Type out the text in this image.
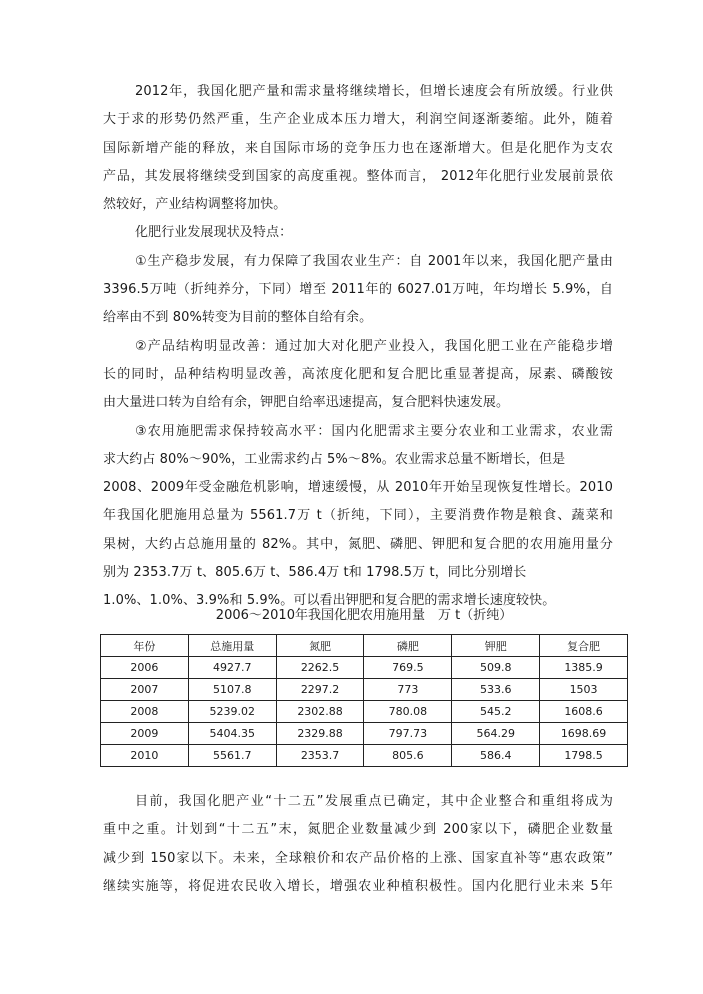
2012年，我国化肥产量和需求量将继续增长，但增长速度会有所放缓。行业供
大于求的形势仍然严重，生产企业成本压力增大，利润空间逐渐萎缩。此外，随着
国际新增产能的释放，来自国际市场的竞争压力也在逐渐增大。但是化肥作为支农
产品，其发展将继续受到国家的高度重视。整体而言， 2012年化肥行业发展前景依
然较好，产业结构调整将加快。
化肥行业发展现状及特点：
①生产稳步发展，有力保障了我国农业生产：自 2001年以来，我国化肥产量由
3396.5万吨（折纯养分，下同）增至 2011年的 6027.01万吨，年均增长 5.9%，自
给率由不到 80%转变为目前的整体自给有余。
②产品结构明显改善：通过加大对化肥产业投入，我国化肥工业在产能稳步增
长的同时，品种结构明显改善，高浓度化肥和复合肥比重显著提高，尿素、磷酸铵
由大量进口转为自给有余，钾肥自给率迅速提高，复合肥料快速发展。
③农用施肥需求保持较高水平：国内化肥需求主要分农业和工业需求，农业需
求大约占 80%～90%，工业需求约占 5%～8%。农业需求总量不断增长，但是
2008、2009年受金融危机影响，增速缓慢，从 2010年开始呈现恢复性增长。2010
年我国化肥施用总量为 5561.7万 t（折纯，下同），主要消费作物是粮食、蔬菜和
果树，大约占总施用量的 82%。其中，氮肥、磷肥、钾肥和复合肥的农用施用量分
别为 2353.7万 t、805.6万 t、586.4万 t和 1798.5万 t，同比分别增长
1.0%、1.0%、3.9%和 5.9%。可以看出钾肥和复合肥的需求增长速度较快。
2006～2010年我国化肥农用施用量　万 t（折纯）
年份	总施用量	氮肥	磷肥	钾肥	复合肥
2006	4927.7	2262.5	769.5	509.8	1385.9
2007	5107.8	2297.2	773	533.6	1503
2008	5239.02	2302.88	780.08	545.2	1608.6
2009	5404.35	2329.88	797.73	564.29	1698.69
2010	5561.7	2353.7	805.6	586.4	1798.5
目前，我国化肥产业“十二五”发展重点已确定，其中企业整合和重组将成为
重中之重。计划到“十二五”末，氮肥企业数量减少到 200家以下，磷肥企业数量
减少到 150家以下。未来，全球粮价和农产品价格的上涨、国家直补等“惠农政策”
继续实施等，将促进农民收入增长，增强农业种植积极性。国内化肥行业未来 5年
